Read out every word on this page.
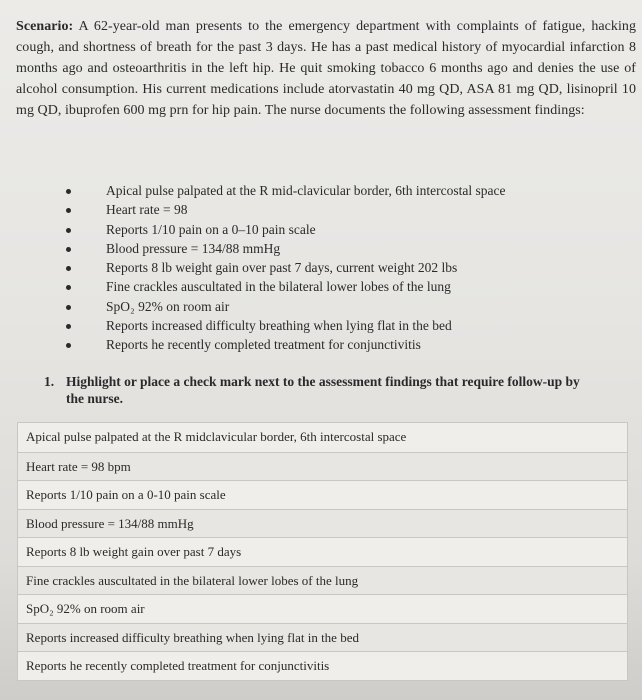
Scenario: A 62-year-old man presents to the emergency department with complaints of fatigue, hacking cough, and shortness of breath for the past 3 days. He has a past medical history of myocardial infarction 8 months ago and osteoarthritis in the left hip. He quit smoking tobacco 6 months ago and denies the use of alcohol consumption. His current medications include atorvastatin 40 mg QD, ASA 81 mg QD, lisinopril 10 mg QD, ibuprofen 600 mg prn for hip pain. The nurse documents the following assessment findings:
Apical pulse palpated at the R mid-clavicular border, 6th intercostal space
Heart rate = 98
Reports 1/10 pain on a 0–10 pain scale
Blood pressure = 134/88 mmHg
Reports 8 lb weight gain over past 7 days, current weight 202 lbs
Fine crackles auscultated in the bilateral lower lobes of the lung
SpO₂ 92% on room air
Reports increased difficulty breathing when lying flat in the bed
Reports he recently completed treatment for conjunctivitis
1. Highlight or place a check mark next to the assessment findings that require follow-up by
the nurse.
Apical pulse palpated at the R midclavicular border, 6th intercostal space
Heart rate = 98 bpm
Reports 1/10 pain on a 0-10 pain scale
Blood pressure = 134/88 mmHg
Reports 8 lb weight gain over past 7 days
Fine crackles auscultated in the bilateral lower lobes of the lung
SpO₂ 92% on room air
Reports increased difficulty breathing when lying flat in the bed
Reports he recently completed treatment for conjunctivitis
